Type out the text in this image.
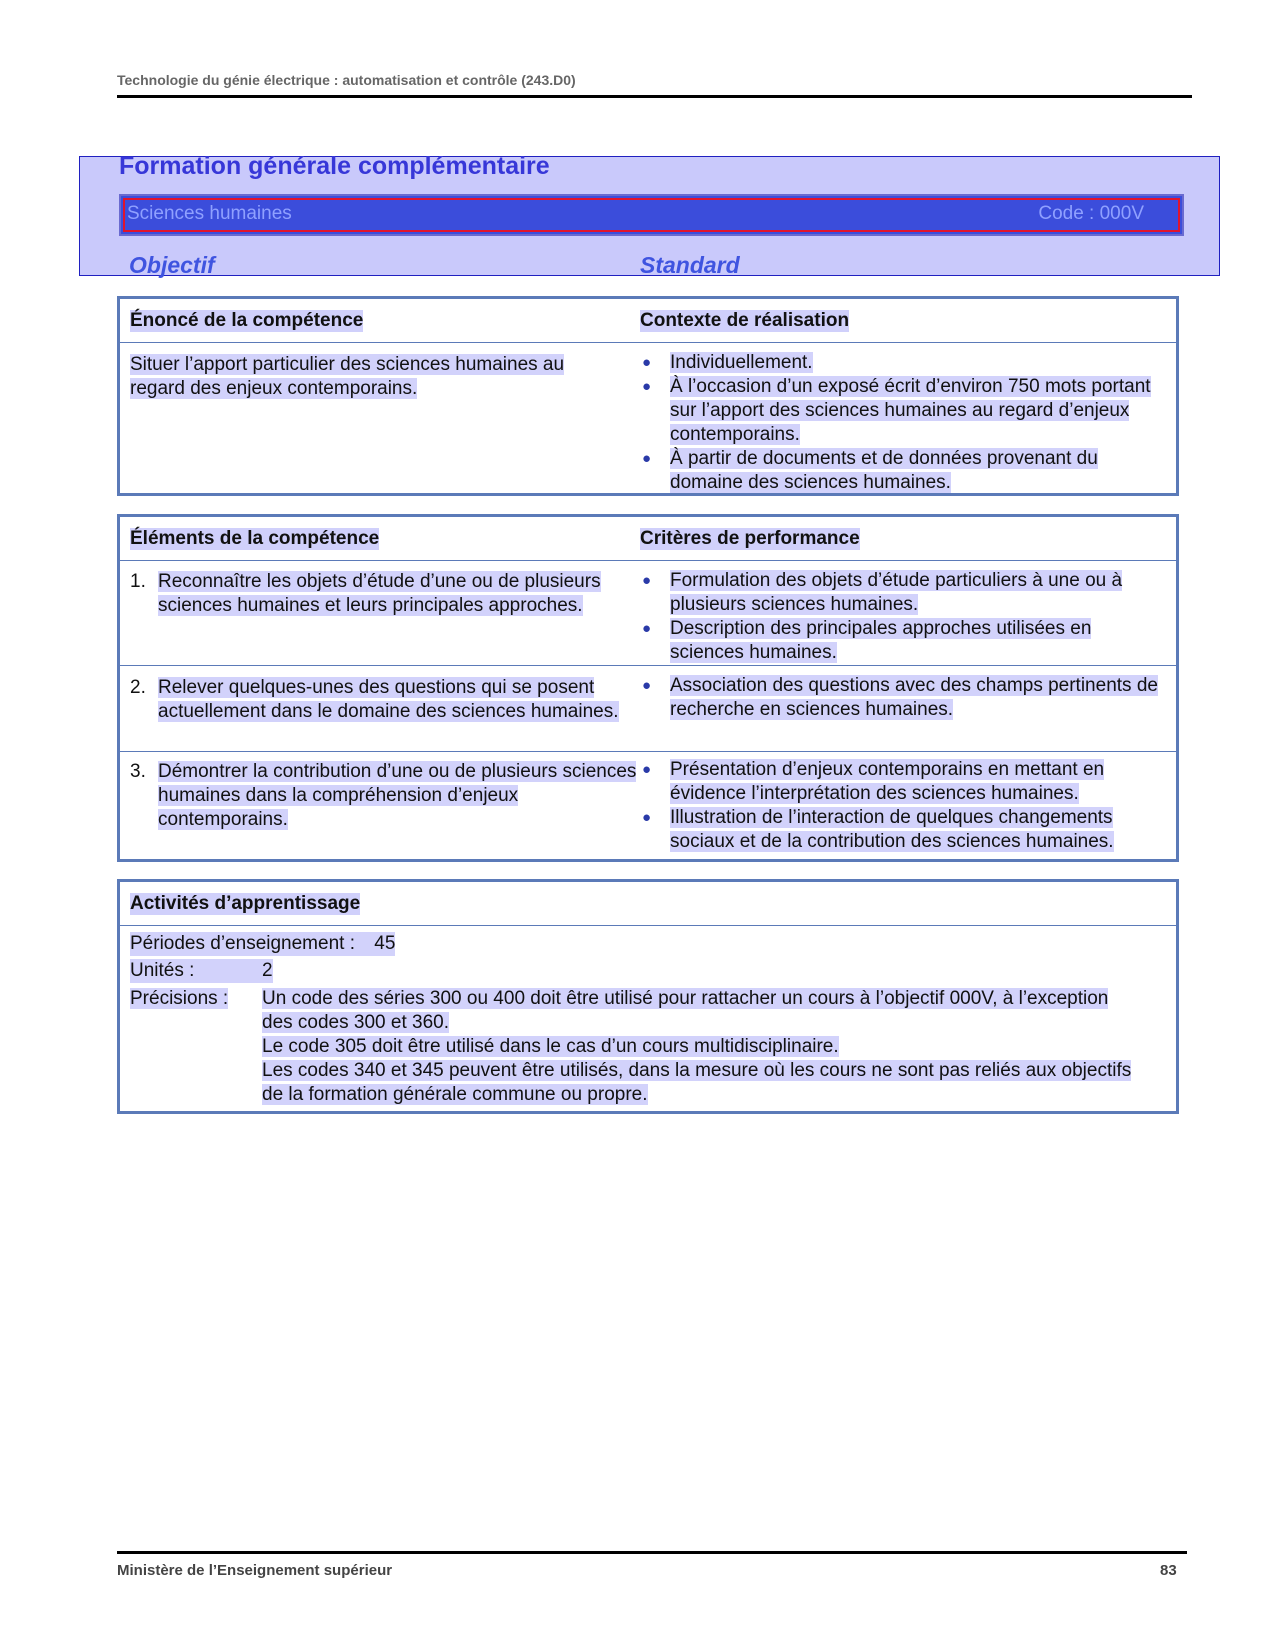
Technologie du génie électrique : automatisation et contrôle (243.D0)
Formation générale complémentaire
Sciences humaines	Code : 000V
Objectif	Standard
Énoncé de la compétence	Contexte de réalisation
Situer l’apport particulier des sciences humaines au regard des enjeux contemporains.
● Individuellement.
● À l’occasion d’un exposé écrit d’environ 750 mots portant sur l’apport des sciences humaines au regard d’enjeux contemporains.
● À partir de documents et de données provenant du domaine des sciences humaines.
Éléments de la compétence	Critères de performance
1. Reconnaître les objets d’étude d’une ou de plusieurs sciences humaines et leurs principales approches.
● Formulation des objets d’étude particuliers à une ou à plusieurs sciences humaines.
● Description des principales approches utilisées en sciences humaines.
2. Relever quelques-unes des questions qui se posent actuellement dans le domaine des sciences humaines.
● Association des questions avec des champs pertinents de recherche en sciences humaines.
3. Démontrer la contribution d’une ou de plusieurs sciences humaines dans la compréhension d’enjeux contemporains.
● Présentation d’enjeux contemporains en mettant en évidence l’interprétation des sciences humaines.
● Illustration de l’interaction de quelques changements sociaux et de la contribution des sciences humaines.
Activités d’apprentissage
Périodes d’enseignement : 45
Unités :	2
Précisions : Un code des séries 300 ou 400 doit être utilisé pour rattacher un cours à l’objectif 000V, à l’exception des codes 300 et 360.
Le code 305 doit être utilisé dans le cas d’un cours multidisciplinaire.
Les codes 340 et 345 peuvent être utilisés, dans la mesure où les cours ne sont pas reliés aux objectifs de la formation générale commune ou propre.
Ministère de l’Enseignement supérieur	83
